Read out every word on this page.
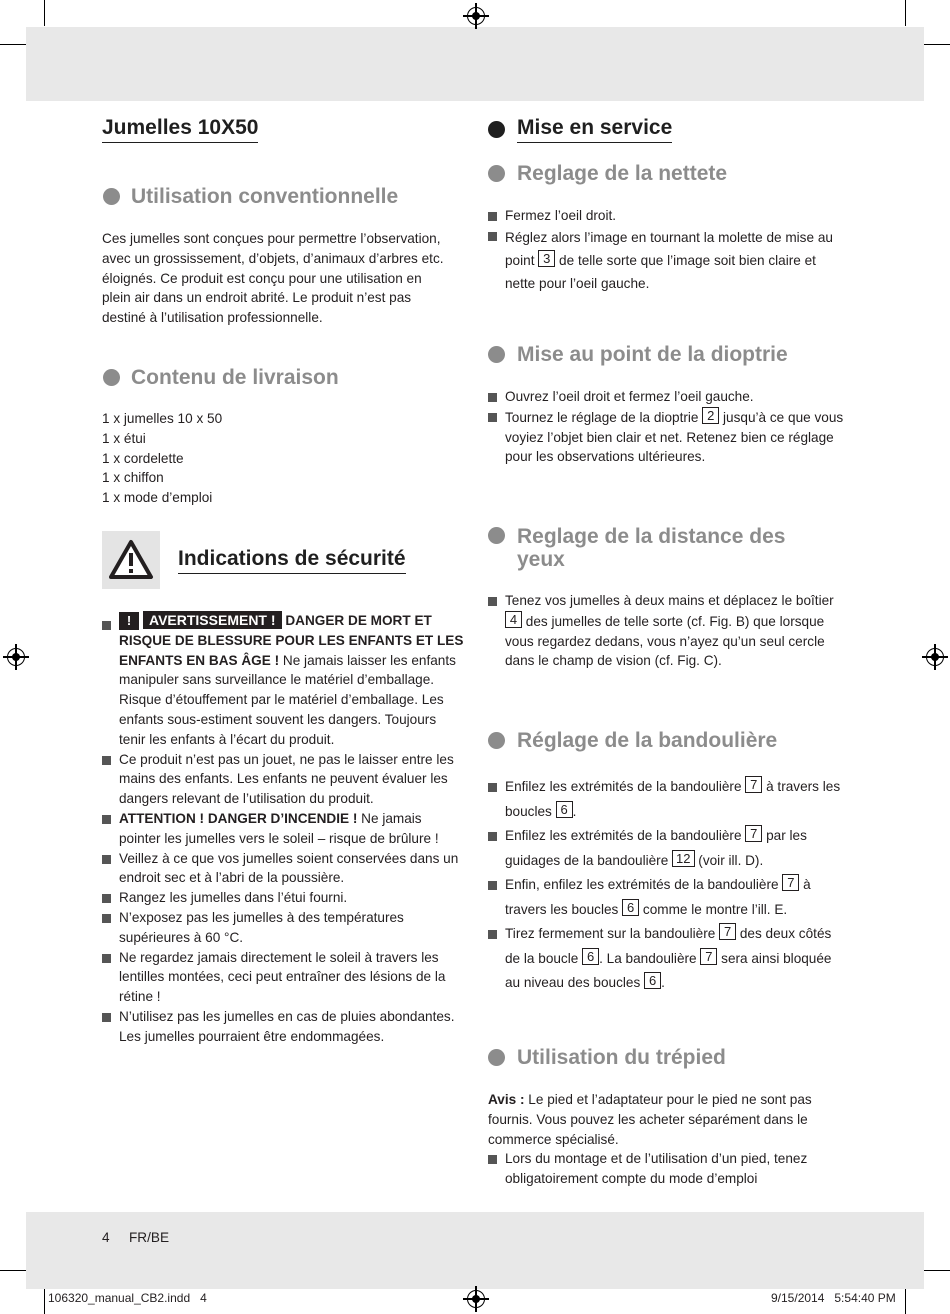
Jumelles 10X50
Utilisation conventionnelle
Ces jumelles sont conçues pour permettre l’observation, avec un grossissement, d’objets, d’animaux d’arbres etc. éloignés. Ce produit est conçu pour une utilisation en plein air dans un endroit abrité. Le produit n’est pas destiné à l’utilisation professionnelle.
Contenu de livraison
1 x jumelles 10 x 50
1 x étui
1 x cordelette
1 x chiffon
1 x mode d’emploi
Indications de sécurité
! AVERTISSEMENT ! DANGER DE MORT ET RISQUE DE BLESSURE POUR LES ENFANTS ET LES ENFANTS EN BAS ÂGE ! Ne jamais laisser les enfants manipuler sans surveillance le matériel d’emballage. Risque d’étouffement par le matériel d’emballage. Les enfants sous-estiment souvent les dangers. Toujours tenir les enfants à l’écart du produit.
Ce produit n’est pas un jouet, ne pas le laisser entre les mains des enfants. Les enfants ne peuvent évaluer les dangers relevant de l’utilisation du produit.
ATTENTION ! DANGER D’INCENDIE ! Ne jamais pointer les jumelles vers le soleil – risque de brûlure !
Veillez à ce que vos jumelles soient conservées dans un endroit sec et à l’abri de la poussière.
Rangez les jumelles dans l’étui fourni.
N’exposez pas les jumelles à des températures supérieures à 60 °C.
Ne regardez jamais directement le soleil à travers les lentilles montées, ceci peut entraîner des lésions de la rétine !
N’utilisez pas les jumelles en cas de pluies abondantes. Les jumelles pourraient être endommagées.
Mise en service
Reglage de la nettete
Fermez l’oeil droit.
Réglez alors l’image en tournant la molette de mise au point 3 de telle sorte que l’image soit bien claire et nette pour l’oeil gauche.
Mise au point de la dioptrie
Ouvrez l’oeil droit et fermez l’oeil gauche.
Tournez le réglage de la dioptrie 2 jusqu’à ce que vous voyiez l’objet bien clair et net. Retenez bien ce réglage pour les observations ultérieures.
Reglage de la distance des
yeux
Tenez vos jumelles à deux mains et déplacez le boîtier 4 des jumelles de telle sorte (cf. Fig. B) que lorsque vous regardez dedans, vous n’ayez qu’un seul cercle dans le champ de vision (cf. Fig. C).
Réglage de la bandoulière
Enfilez les extrémités de la bandoulière 7 à travers les boucles 6 .
Enfilez les extrémités de la bandoulière 7 par les guidages de la bandoulière 12 (voir ill. D).
Enfin, enfilez les extrémités de la bandoulière 7 à travers les boucles 6 comme le montre l’ill. E.
Tirez fermement sur la bandoulière 7 des deux côtés de la boucle 6 . La bandoulière 7 sera ainsi bloquée au niveau des boucles 6 .
Utilisation du trépied
Avis : Le pied et l’adaptateur pour le pied ne sont pas fournis. Vous pouvez les acheter séparément dans le commerce spécialisé.
Lors du montage et de l’utilisation d’un pied, tenez obligatoirement compte du mode d’emploi
4 FR/BE
106320_manual_CB2.indd   4	9/15/2014   5:54:40 PM
